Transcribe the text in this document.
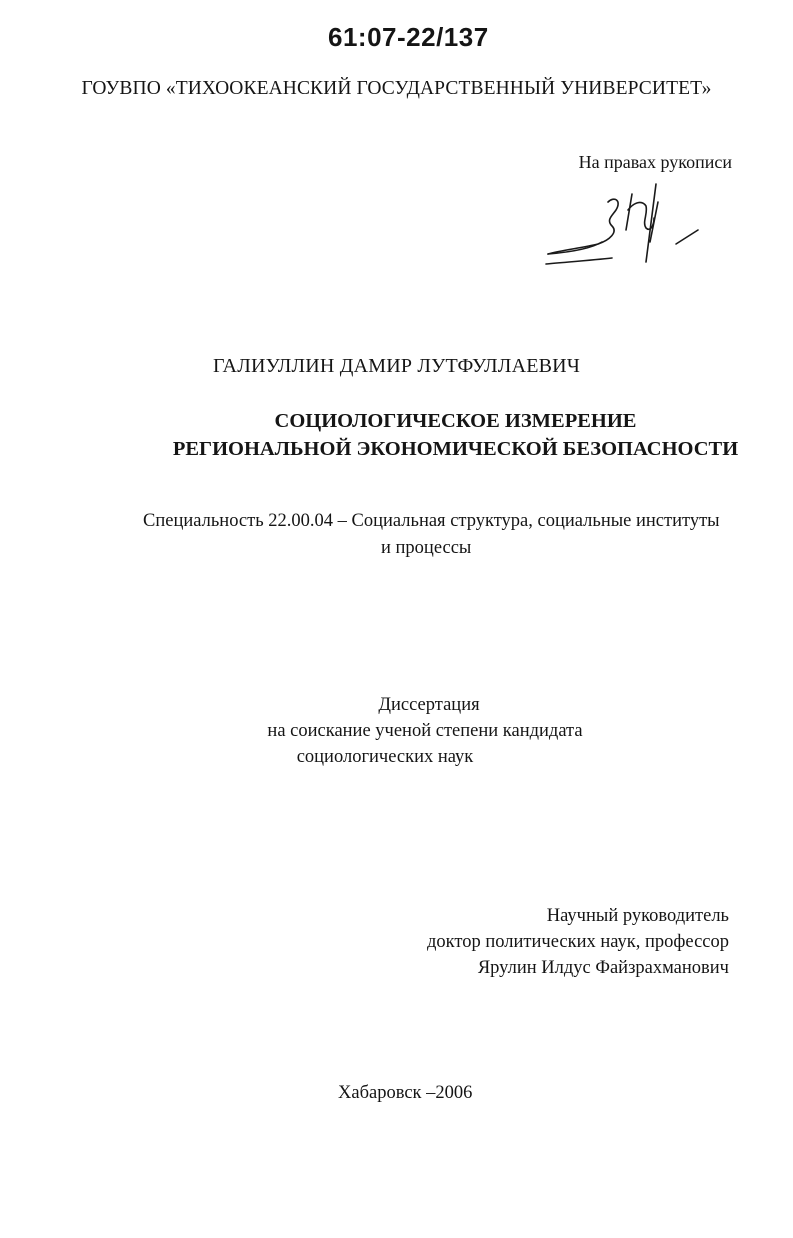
61:07-22/137
ГОУВПО «ТИХООКЕАНСКИЙ ГОСУДАРСТВЕННЫЙ УНИВЕРСИТЕТ»
На правах рукописи
ГАЛИУЛЛИН ДАМИР ЛУТФУЛЛАЕВИЧ
СОЦИОЛОГИЧЕСКОЕ ИЗМЕРЕНИЕ
РЕГИОНАЛЬНОЙ ЭКОНОМИЧЕСКОЙ БЕЗОПАСНОСТИ
Специальность 22.00.04 – Социальная структура, социальные институты
и процессы
Диссертация
на соискание ученой степени кандидата
социологических наук
Научный руководитель
доктор политических наук, профессор
Ярулин Илдус Файзрахманович
Хабаровск –2006
